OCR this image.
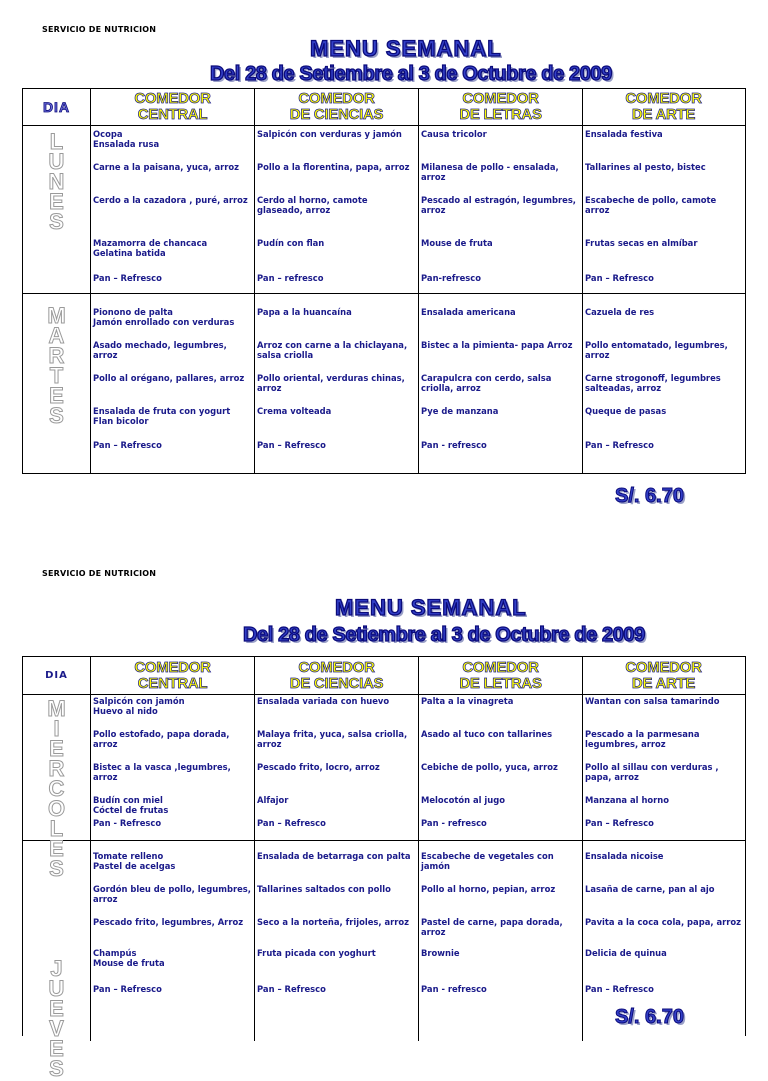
SERVICIO DE NUTRICION
MENU SEMANAL
Del 28 de Setiembre al 3 de Octubre de 2009
DIA	COMEDOR
CENTRAL
COMEDOR
DE CIENCIAS
COMEDOR
DE LETRAS
COMEDOR
DE ARTE
L
U
N
E
S
Ocopa
Ensalada rusa
Carne a la paisana, yuca, arroz
Cerdo a la cazadora , puré, arroz
Mazamorra de chancaca
Gelatina batida
Pan – Refresco
Salpicón con verduras y jamón
Pollo a la florentina, papa, arroz
Cerdo al horno, camote glaseado, arroz
Pudín con flan
Pan – refresco
Causa tricolor
Milanesa de pollo - ensalada, arroz
Pescado al estragón, legumbres, arroz
Mouse de fruta
Pan-refresco
Ensalada festiva
Tallarines al pesto, bistec
Escabeche de pollo, camote arroz
Frutas secas en almíbar
Pan – Refresco
M
A
R
T
E
S
Pionono de palta
Jamón enrollado con verduras
Asado mechado, legumbres, arroz
Pollo al orégano, pallares, arroz
Ensalada de fruta con yogurt
Flan bicolor
Pan – Refresco
Papa a la huancaína
Arroz con carne a la chiclayana, salsa criolla
Pollo oriental, verduras chinas, arroz
Crema volteada
Pan – Refresco
Ensalada americana
Bistec a la pimienta- papa Arroz
Carapulcra con cerdo, salsa criolla, arroz
Pye de manzana
Pan - refresco
Cazuela de res
Pollo entomatado, legumbres, arroz
Carne strogonoff, legumbres salteadas, arroz
Queque de pasas
Pan – Refresco
S/. 6.70
SERVICIO DE NUTRICION
MENU SEMANAL
Del 28 de Setiembre al 3 de Octubre de 2009
DIA	COMEDOR
CENTRAL
COMEDOR
DE CIENCIAS
COMEDOR
DE LETRAS
COMEDOR
DE ARTE
M
I
E
R
C
O
L
E
S
Salpicón con jamón
Huevo al nido
Pollo estofado, papa dorada, arroz
Bistec a la vasca ,legumbres, arroz
Budín con miel
Cóctel de frutas
Pan - Refresco
Ensalada variada con huevo
Malaya frita, yuca, salsa criolla, arroz
Pescado frito, locro, arroz
Alfajor
Pan – Refresco
Palta a la vinagreta
Asado al tuco con tallarines
Cebiche de pollo, yuca, arroz
Melocotón al jugo
Pan - refresco
Wantan con salsa tamarindo
Pescado a la parmesana legumbres, arroz
Pollo al sillau con verduras , papa, arroz
Manzana al horno
Pan – Refresco
J
U
E
V
E
S
Tomate relleno
Pastel de acelgas
Gordón bleu de pollo, legumbres, arroz
Pescado frito, legumbres, Arroz
Champús
Mouse de fruta
Pan – Refresco
Ensalada de betarraga con palta
Tallarines saltados con pollo
Seco a la norteña, frijoles, arroz
Fruta picada con yoghurt
Pan – Refresco
Escabeche de vegetales con jamón
Pollo al horno, pepian, arroz
Pastel de carne, papa dorada, arroz
Brownie
Pan - refresco
Ensalada nicoise
Lasaña de carne, pan al ajo
Pavita a la coca cola, papa, arroz
Delicia de quinua
Pan – Refresco
S/. 6.70
